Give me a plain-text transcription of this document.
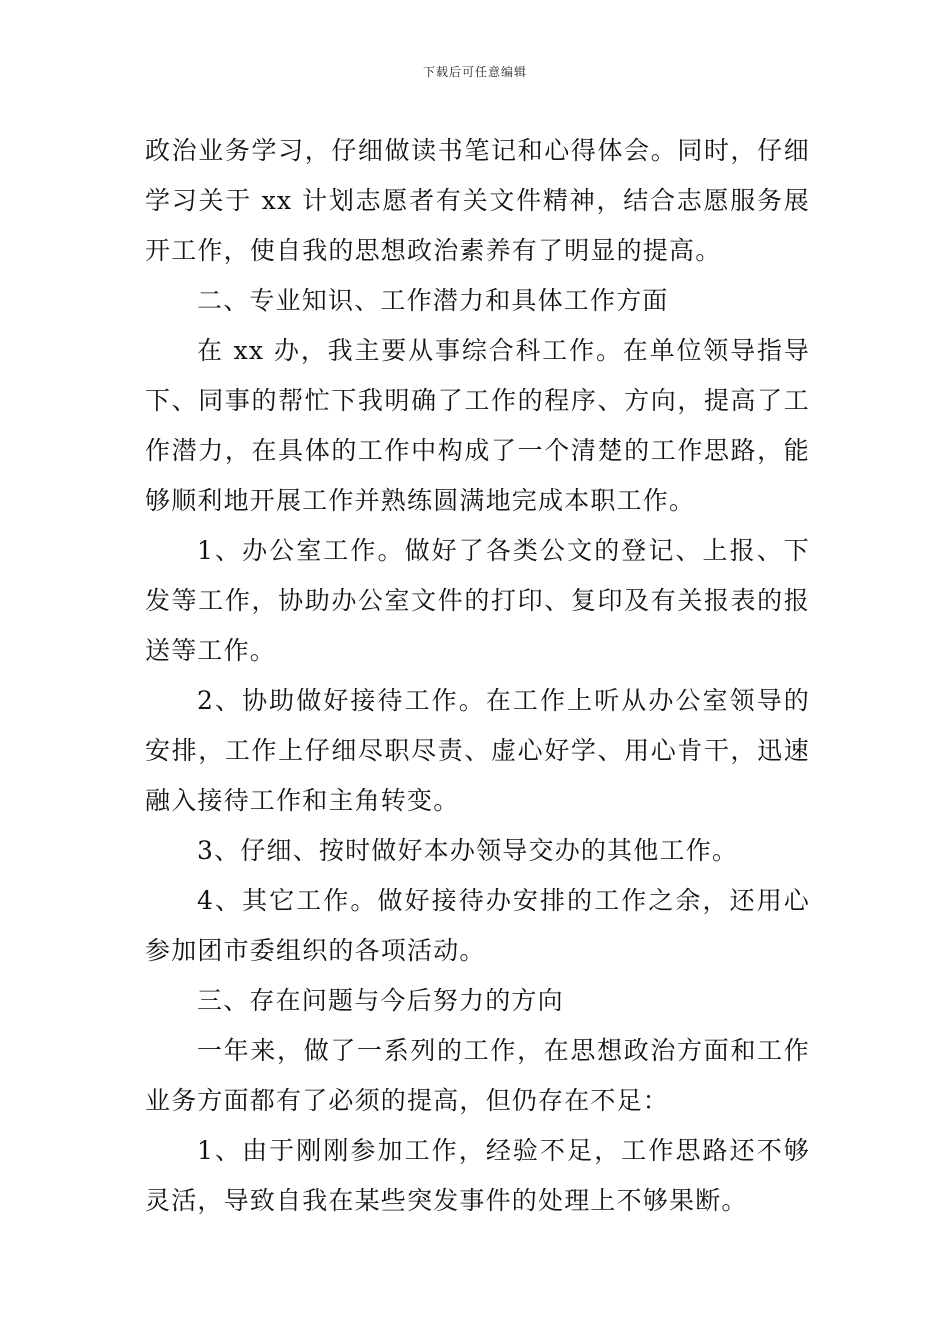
下载后可任意编辑

政治业务学习，仔细做读书笔记和心得体会。同时，仔细学习关于 xx 计划志愿者有关文件精神，结合志愿服务展开工作，使自我的思想政治素养有了明显的提高。

二、专业知识、工作潜力和具体工作方面

在 xx 办，我主要从事综合科工作。在单位领导指导下、同事的帮忙下我明确了工作的程序、方向，提高了工作潜力，在具体的工作中构成了一个清楚的工作思路，能够顺利地开展工作并熟练圆满地完成本职工作。

1、办公室工作。做好了各类公文的登记、上报、下发等工作，协助办公室文件的打印、复印及有关报表的报送等工作。

2、协助做好接待工作。在工作上听从办公室领导的安排，工作上仔细尽职尽责、虚心好学、用心肯干，迅速融入接待工作和主角转变。

3、仔细、按时做好本办领导交办的其他工作。

4、其它工作。做好接待办安排的工作之余，还用心参加团市委组织的各项活动。

三、存在问题与今后努力的方向

一年来，做了一系列的工作，在思想政治方面和工作业务方面都有了必须的提高，但仍存在不足：

1、由于刚刚参加工作，经验不足，工作思路还不够灵活，导致自我在某些突发事件的处理上不够果断。
